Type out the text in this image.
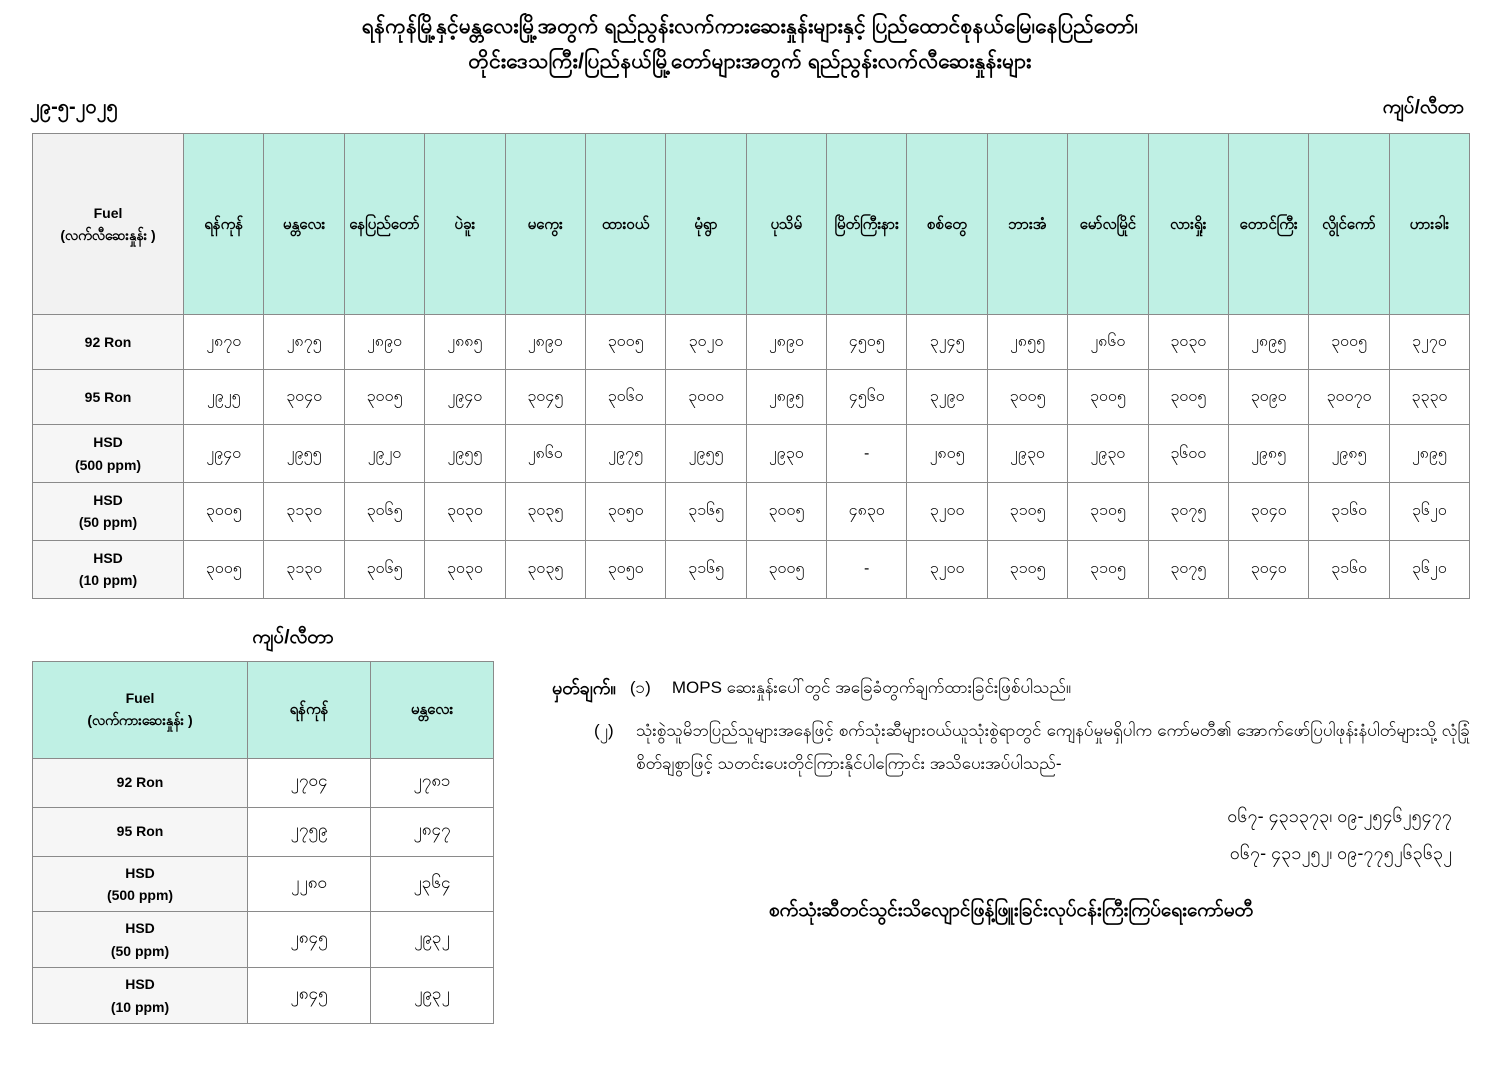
ရန်ကုန်မြို့နှင့်မန္တလေးမြို့အတွက် ရည်ညွန်းလက်ကားဆေးနှုန်းများနှင့် ပြည်ထောင်စုနယ်မြေ၊နေပြည်တော်၊
တိုင်းဒေသကြီး/ပြည်နယ်မြို့တော်များအတွက် ရည်ညွန်းလက်လီဆေးနှုန်းများ
၂၉-၅-၂၀၂၅	ကျပ်/လီတာ
Fuel
(လက်လီဆေးနှုန်း )	ရန်ကုန်	မန္တလေး	နေပြည်တော်	ပဲခူး	မကွေး	ထားဝယ်	မုံရွာ	ပုသိမ်	မြိတ်ကြီးနား	စစ်တွေ	ဘားအံ	မော်လမြိုင်	လားရှိုး	တောင်ကြီး	လွိုင်ကော်	ဟားခါး

92 Ron	၂၈၇၀	၂၈၇၅	၂၈၉၀	၂၈၈၅	၂၈၉၀	၃၀၀၅	၃၀၂၀	၂၈၉၀	၄၅၀၅	၃၂၄၅	၂၈၅၅	၂၈၆၀	၃၀၃၀	၂၈၉၅	၃၀၀၅	၃၂၇၀

95 Ron	၂၉၂၅	၃၀၄၀	၃၀၀၅	၂၉၄၀	၃၀၄၅	၃၀၆၀	၃၀၀၀	၂၈၉၅	၄၅၆၀	၃၂၉၀	၃၀၀၅	၃၀၀၅	၃၀၀၅	၃၀၉၀	၃၀၀၇၀	၃၃၃၀

HSD
(500 ppm)	၂၉၄၀	၂၉၅၅	၂၉၂၀	၂၉၅၅	၂၈၆၀	၂၉၇၅	၂၉၅၅	၂၉၃၀	-	၂၈၀၅	၂၉၃၀	၂၉၃၀	၃၆၀၀	၂၉၈၅	၂၉၈၅	၂၈၉၅

HSD
(50 ppm)	၃၀၀၅	၃၁၃၀	၃၀၆၅	၃၀၃၀	၃၀၃၅	၃၀၅၀	၃၁၆၅	၃၀၀၅	၄၈၃၀	၃၂၀၀	၃၁၀၅	၃၁၀၅	၃၀၇၅	၃၀၄၀	၃၁၆၀	၃၆၂၀

HSD
(10 ppm)	၃၀၀၅	၃၁၃၀	၃၀၆၅	၃၀၃၀	၃၀၃၅	၃၀၅၀	၃၁၆၅	၃၀၀၅	-	၃၂၀၀	၃၁၀၅	၃၁၀၅	၃၀၇၅	၃၀၄၀	၃၁၆၀	၃၆၂၀
ကျပ်/လီတာ
Fuel
(လက်ကားဆေးနှုန်း )	ရန်ကုန်	မန္တလေး

92 Ron	၂၇၀၄	၂၇၈၁

95 Ron	၂၇၅၉	၂၈၄၇

HSD
(500 ppm)	၂၂၈၀	၂၃၆၄

HSD
(50 ppm)	၂၈၄၅	၂၉၃၂

HSD
(10 ppm)	၂၈၄၅	၂၉၃၂
မှတ်ချက်။ (၁)	MOPS ဆေးနှုန်းပေါ်တွင် အခြေခံတွက်ချက်ထားခြင်းဖြစ်ပါသည်။

(၂)	သုံးစွဲသူမိဘပြည်သူများအနေဖြင့် စက်သုံးဆီများဝယ်ယူသုံးစွဲရာတွင် ကျေနပ်မှုမရှိပါက ကော်မတီ၏ အောက်ဖော်ပြပါဖုန်းနံပါတ်များသို့ လုံခြုံစိတ်ချစွာဖြင့် သတင်းပေးတိုင်ကြားနိုင်ပါကြောင်း အသိပေးအပ်ပါသည်-

၀၆၇- ၄၃၁၃၇၃၊ ၀၉-၂၅၄၆၂၅၄၇၇
၀၆၇- ၄၃၁၂၅၂၊ ၀၉-၇၇၅၂၆၃၆၃၂
စက်သုံးဆီတင်သွင်းသိလျောင်ဖြန့်ဖြူးခြင်းလုပ်ငန်းကြီးကြပ်ရေးကော်မတီ
